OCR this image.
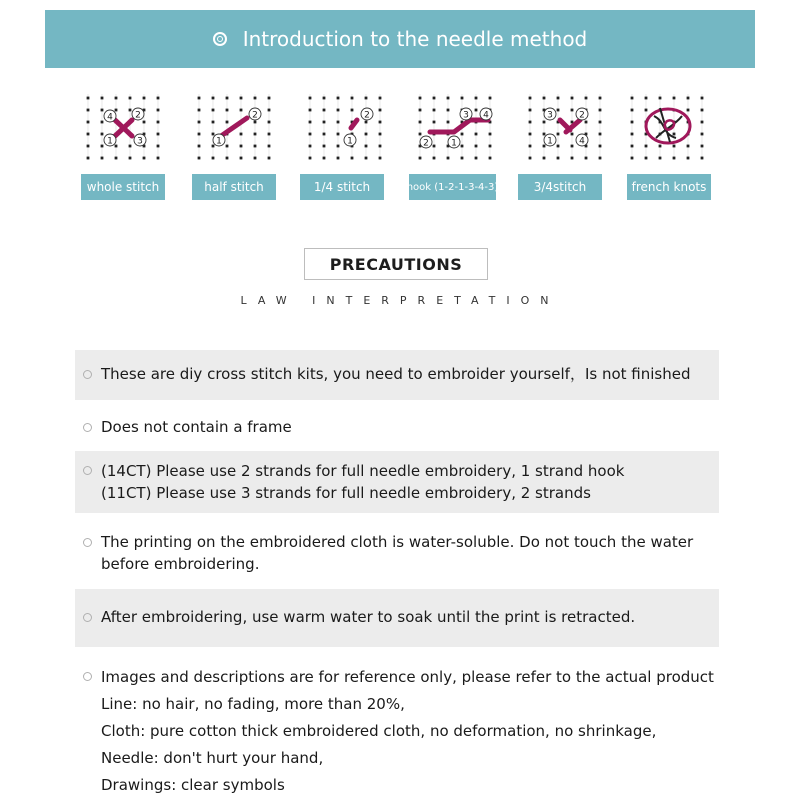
Introduction to the needle method
4 2
1	3
2
1
2
1
3 4
2 1
3	2
1	4
whole stitch	half stitch	1/4 stitch	hook (1-2-1-3-4-3)	3/4stitch	french knots
PRECAUTIONS
LAW INTERPRETATION
These are diy cross stitch kits, you need to embroider yourself，Is not finished
Does not contain a frame
(14CT) Please use 2 strands for full needle embroidery, 1 strand hook
(11CT) Please use 3 strands for full needle embroidery, 2 strands
The printing on the embroidered cloth is water-soluble. Do not touch the water
before embroidering.
After embroidering, use warm water to soak until the print is retracted.
Images and descriptions are for reference only, please refer to the actual product
Line: no hair, no fading, more than 20%,
Cloth: pure cotton thick embroidered cloth, no deformation, no shrinkage,
Needle: don't hurt your hand,
Drawings: clear symbols
